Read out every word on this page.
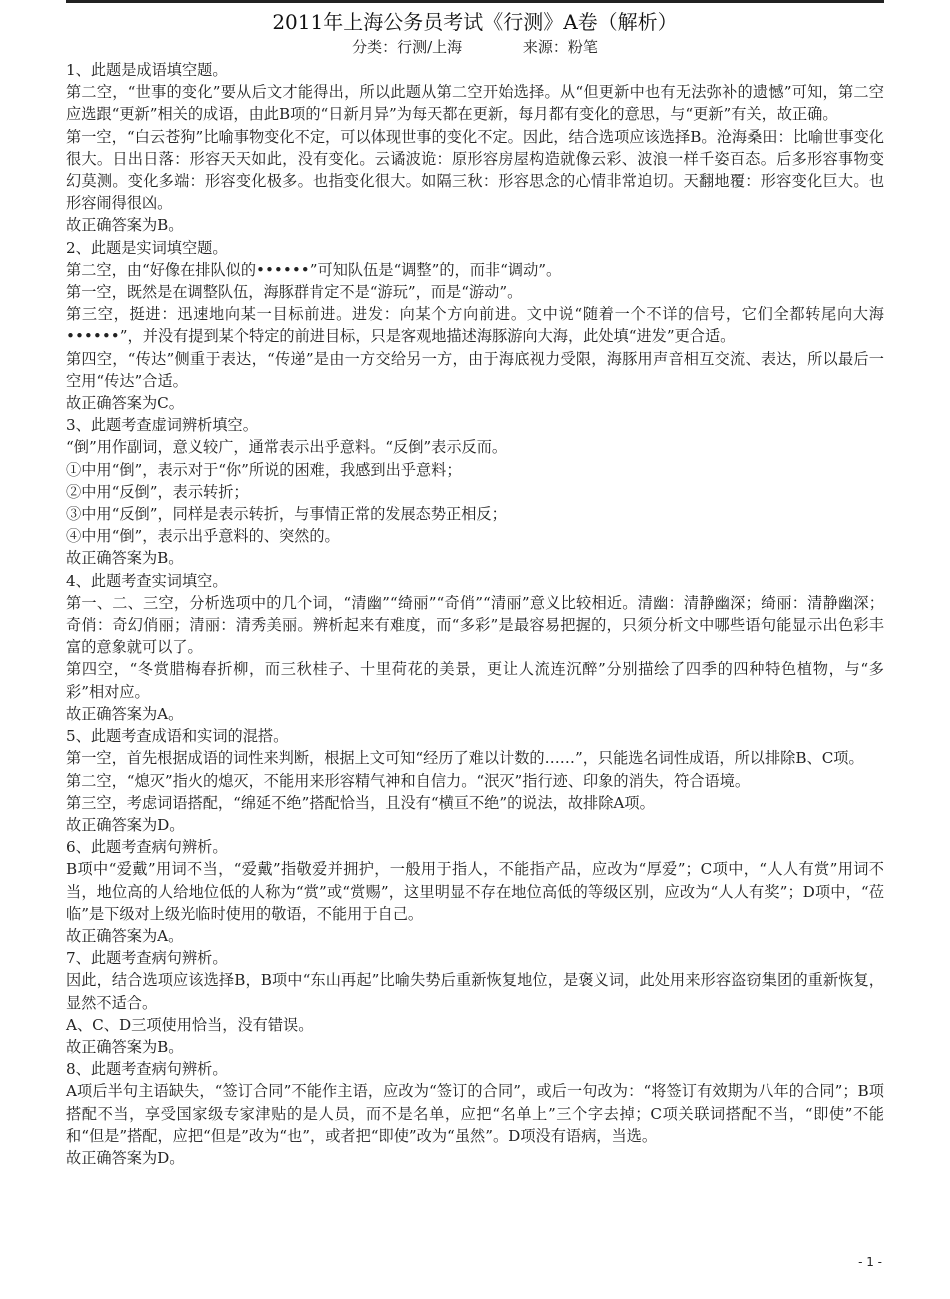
2011年上海公务员考试《行测》A卷（解析）
分类：行测/上海	来源：粉笔

1、此题是成语填空题。

第二空，“世事的变化”要从后文才能得出，所以此题从第二空开始选择。从“但更新中也有无法弥补的遗憾”可知，第二空应选跟“更新”相关的成语，由此B项的“日新月异”为每天都在更新，每月都有变化的意思，与“更新”有关，故正确。

第一空，“白云苍狗”比喻事物变化不定，可以体现世事的变化不定。因此，结合选项应该选择B。沧海桑田：比喻世事变化很大。日出日落：形容天天如此，没有变化。云谲波诡：原形容房屋构造就像云彩、波浪一样千姿百态。后多形容事物变幻莫测。变化多端：形容变化极多。也指变化很大。如隔三秋：形容思念的心情非常迫切。天翻地覆：形容变化巨大。也形容闹得很凶。

故正确答案为B。

2、此题是实词填空题。

第二空，由“好像在排队似的••••••”可知队伍是“调整”的，而非“调动”。

第一空，既然是在调整队伍，海豚群肯定不是“游玩”，而是“游动”。

第三空，挺进：迅速地向某一目标前进。进发：向某个方向前进。文中说“随着一个不详的信号，它们全都转尾向大海••••••”，并没有提到某个特定的前进目标，只是客观地描述海豚游向大海，此处填“进发”更合适。

第四空，“传达”侧重于表达，“传递”是由一方交给另一方，由于海底视力受限，海豚用声音相互交流、表达，所以最后一空用“传达”合适。

故正确答案为C。

3、此题考查虚词辨析填空。

“倒”用作副词，意义较广，通常表示出乎意料。“反倒”表示反而。

①中用“倒”，表示对于“你”所说的困难，我感到出乎意料；

②中用“反倒”，表示转折；

③中用“反倒”，同样是表示转折，与事情正常的发展态势正相反；

④中用“倒”，表示出乎意料的、突然的。

故正确答案为B。

4、此题考查实词填空。

第一、二、三空，分析选项中的几个词，“清幽”“绮丽”“奇俏”“清丽”意义比较相近。清幽：清静幽深；绮丽：清静幽深；奇俏：奇幻俏丽；清丽：清秀美丽。辨析起来有难度，而“多彩”是最容易把握的，只须分析文中哪些语句能显示出色彩丰富的意象就可以了。

第四空，“冬赏腊梅春折柳，而三秋桂子、十里荷花的美景，更让人流连沉醉”分别描绘了四季的四种特色植物，与“多彩”相对应。

故正确答案为A。

5、此题考查成语和实词的混搭。

第一空，首先根据成语的词性来判断，根据上文可知“经历了难以计数的……”，只能选名词性成语，所以排除B、C项。

第二空，“熄灭”指火的熄灭，不能用来形容精气神和自信力。“泯灭”指行迹、印象的消失，符合语境。

第三空，考虑词语搭配，“绵延不绝”搭配恰当，且没有“横亘不绝”的说法，故排除A项。

故正确答案为D。

6、此题考查病句辨析。

B项中“爱戴”用词不当，“爱戴”指敬爱并拥护，一般用于指人，不能指产品，应改为“厚爱”；C项中，“人人有赏”用词不当，地位高的人给地位低的人称为“赏”或“赏赐”，这里明显不存在地位高低的等级区别，应改为“人人有奖”；D项中，“莅临”是下级对上级光临时使用的敬语，不能用于自己。

故正确答案为A。

7、此题考查病句辨析。

因此，结合选项应该选择B，B项中“东山再起”比喻失势后重新恢复地位，是褒义词，此处用来形容盗窃集团的重新恢复，显然不适合。

A、C、D三项使用恰当，没有错误。

故正确答案为B。

8、此题考查病句辨析。

A项后半句主语缺失，“签订合同”不能作主语，应改为“签订的合同”，或后一句改为：“将签订有效期为八年的合同”；B项搭配不当，享受国家级专家津贴的是人员，而不是名单，应把“名单上”三个字去掉；C项关联词搭配不当，“即使”不能和“但是”搭配，应把“但是”改为“也”，或者把“即使”改为“虽然”。D项没有语病，当选。

故正确答案为D。

- 1 -
